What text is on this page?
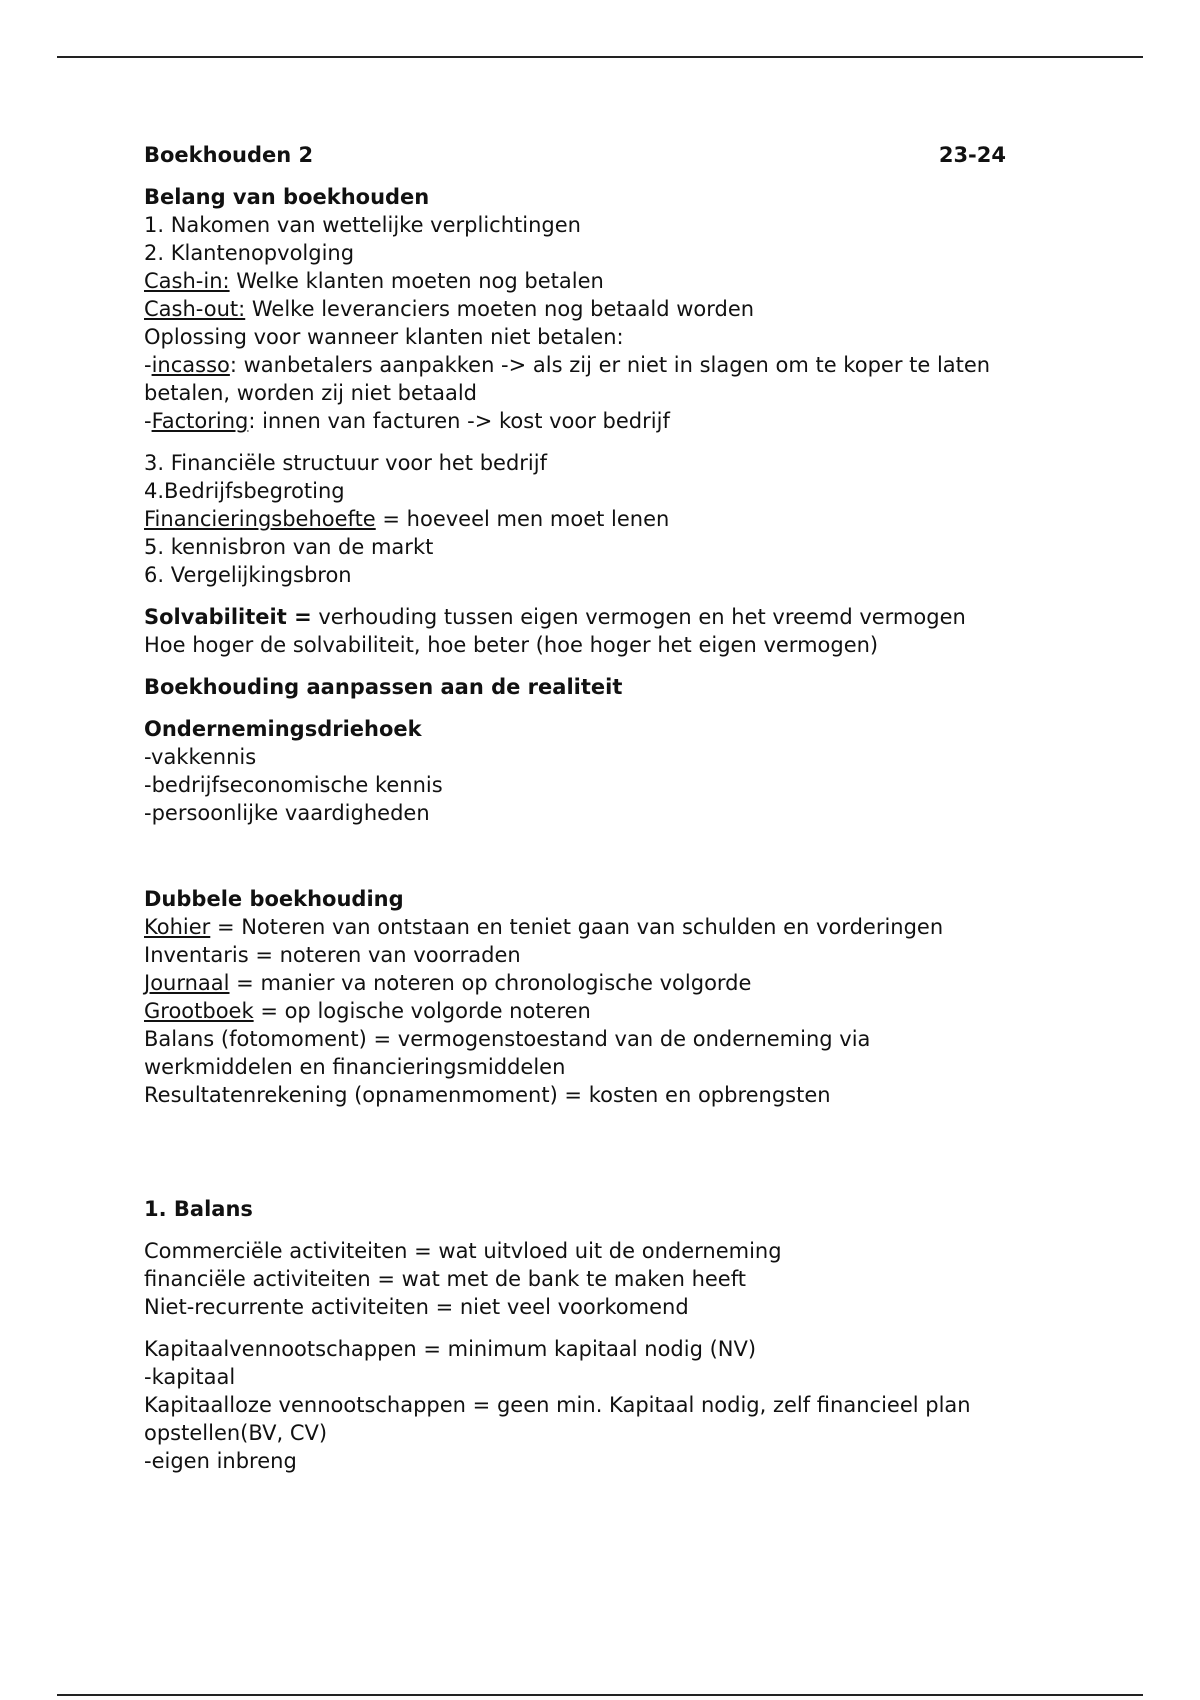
Boekhouden 2	23-24
Belang van boekhouden
1. Nakomen van wettelijke verplichtingen
2. Klantenopvolging
Cash-in: Welke klanten moeten nog betalen
Cash-out: Welke leveranciers moeten nog betaald worden
Oplossing voor wanneer klanten niet betalen:
-incasso: wanbetalers aanpakken -> als zij er niet in slagen om te koper te laten betalen, worden zij niet betaald
-Factoring: innen van facturen -> kost voor bedrijf
3. Financiële structuur voor het bedrijf
4.Bedrijfsbegroting
Financieringsbehoefte = hoeveel men moet lenen
5. kennisbron van de markt
6. Vergelijkingsbron
Solvabiliteit = verhouding tussen eigen vermogen en het vreemd vermogen
Hoe hoger de solvabiliteit, hoe beter (hoe hoger het eigen vermogen)
Boekhouding aanpassen aan de realiteit
Ondernemingsdriehoek
-vakkennis
-bedrijfseconomische kennis
-persoonlijke vaardigheden
Dubbele boekhouding
Kohier = Noteren van ontstaan en teniet gaan van schulden en vorderingen
Inventaris = noteren van voorraden
Journaal = manier va noteren op chronologische volgorde
Grootboek = op logische volgorde noteren
Balans (fotomoment) = vermogenstoestand van de onderneming via werkmiddelen en financieringsmiddelen
Resultatenrekening (opnamenmoment) = kosten en opbrengsten
1. Balans
Commerciële activiteiten = wat uitvloed uit de onderneming
financiële activiteiten = wat met de bank te maken heeft
Niet-recurrente activiteiten = niet veel voorkomend
Kapitaalvennootschappen = minimum kapitaal nodig (NV)
-kapitaal
Kapitaalloze vennootschappen = geen min. Kapitaal nodig, zelf financieel plan opstellen(BV, CV)
-eigen inbreng
